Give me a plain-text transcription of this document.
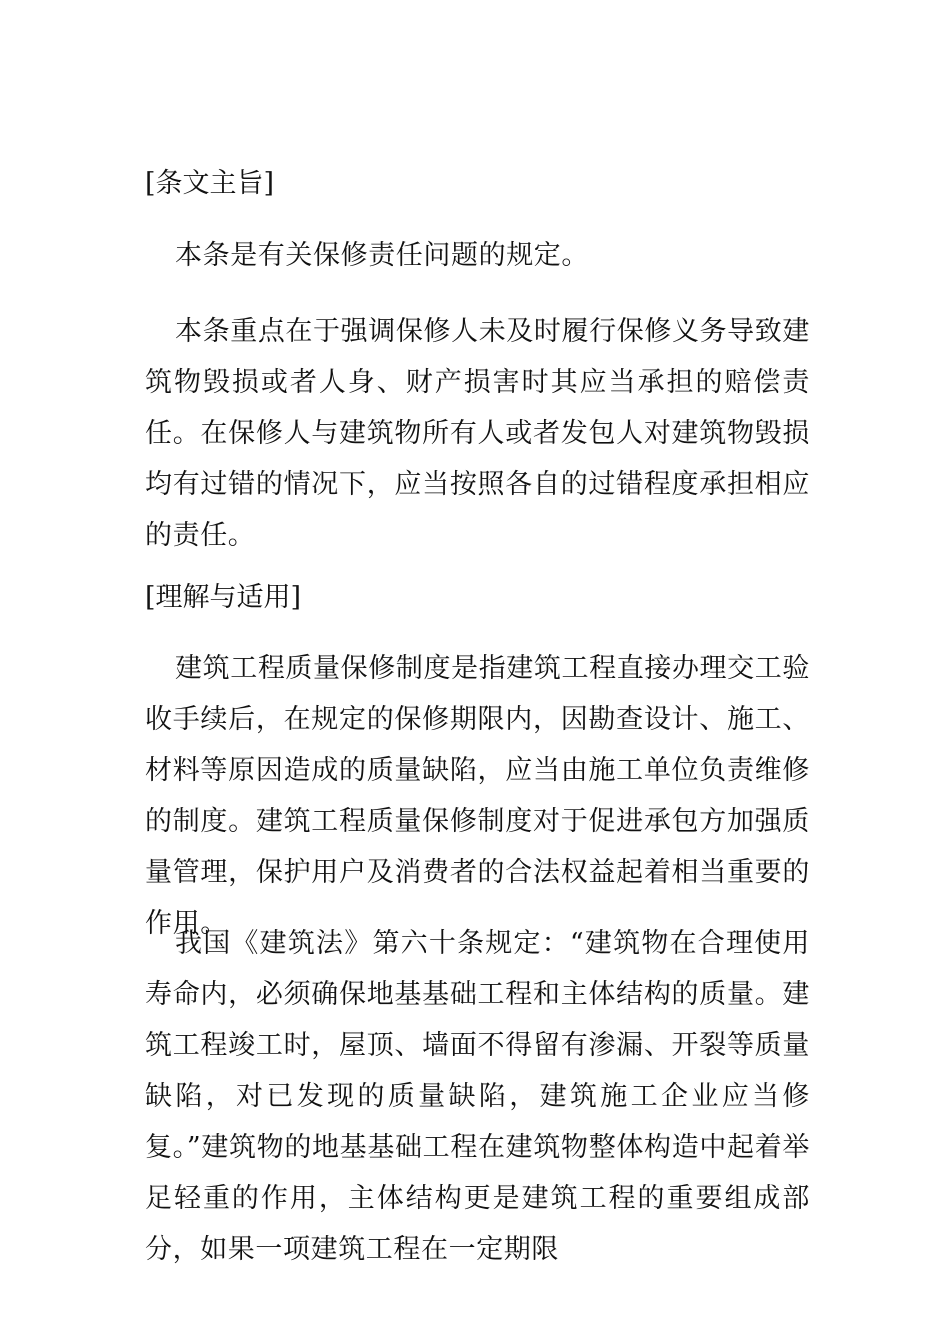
[条文主旨]
本条是有关保修责任问题的规定。
本条重点在于强调保修人未及时履行保修义务导致建筑物毁损或者人身、财产损害时其应当承担的赔偿责任。在保修人与建筑物所有人或者发包人对建筑物毁损均有过错的情况下，应当按照各自的过错程度承担相应的责任。
[理解与适用]
建筑工程质量保修制度是指建筑工程直接办理交工验收手续后，在规定的保修期限内，因勘查设计、施工、材料等原因造成的质量缺陷，应当由施工单位负责维修的制度。建筑工程质量保修制度对于促进承包方加强质量管理，保护用户及消费者的合法权益起着相当重要的作用。
我国《建筑法》第六十条规定：“建筑物在合理使用寿命内，必须确保地基基础工程和主体结构的质量。建筑工程竣工时，屋顶、墙面不得留有渗漏、开裂等质量缺陷，对已发现的质量缺陷，建筑施工企业应当修复。”建筑物的地基基础工程在建筑物整体构造中起着举足轻重的作用，主体结构更是建筑工程的重要组成部分，如果一项建筑工程在一定期限
